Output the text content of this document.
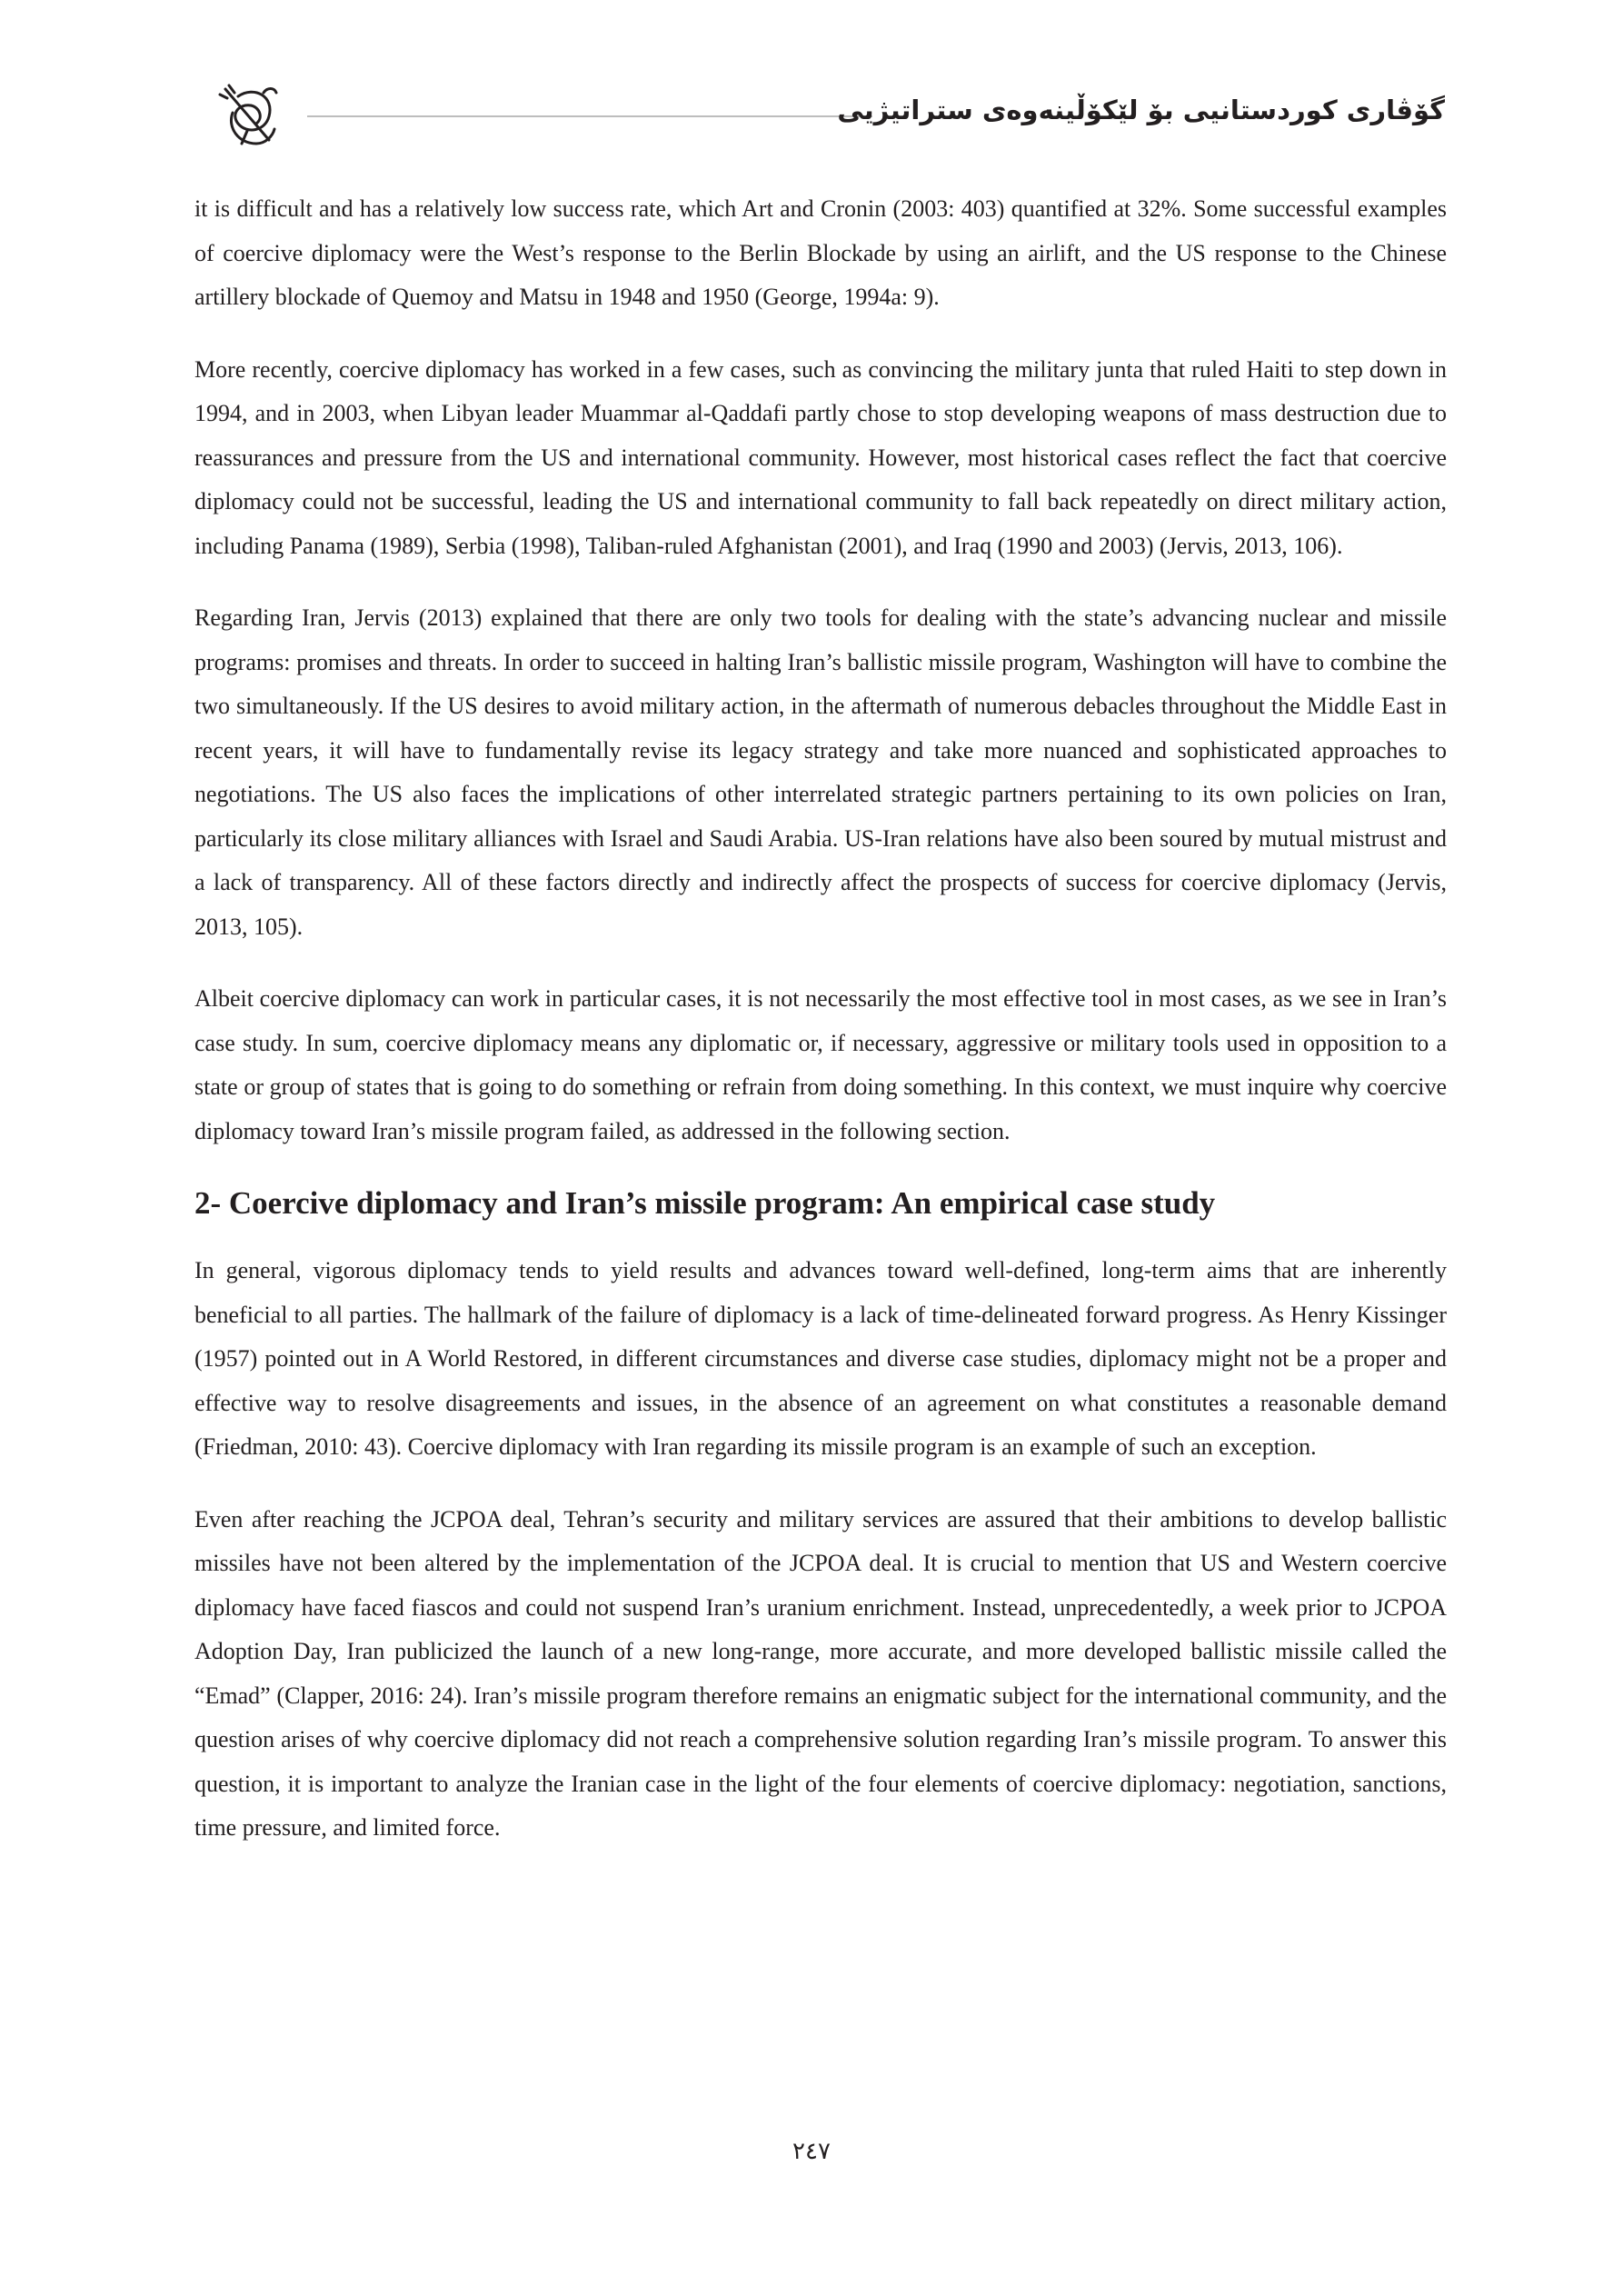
گۆڤاری کوردستانیی بۆ لێکۆڵینەوەی ستراتیژیی

it is difficult and has a relatively low success rate, which Art and Cronin (2003: 403) quantified at 32%. Some successful examples of coercive diplomacy were the West’s response to the Berlin Blockade by using an airlift, and the US response to the Chinese artillery blockade of Quemoy and Matsu in 1948 and 1950 (George, 1994a: 9).

More recently, coercive diplomacy has worked in a few cases, such as convincing the military junta that ruled Haiti to step down in 1994, and in 2003, when Libyan leader Muammar al-Qaddafi partly chose to stop developing weapons of mass destruction due to reassurances and pressure from the US and international community. However, most historical cases reflect the fact that coercive diplomacy could not be successful, leading the US and international community to fall back repeatedly on direct military action, including Panama (1989), Serbia (1998), Taliban-ruled Afghanistan (2001), and Iraq (1990 and 2003) (Jervis, 2013, 106).

Regarding Iran, Jervis (2013) explained that there are only two tools for dealing with the state’s advancing nuclear and missile programs: promises and threats. In order to succeed in halting Iran’s ballistic missile program, Washington will have to combine the two simultaneously. If the US desires to avoid military action, in the aftermath of numerous debacles throughout the Middle East in recent years, it will have to fundamentally revise its legacy strategy and take more nuanced and sophisticated approaches to negotiations. The US also faces the implications of other interrelated strategic partners pertaining to its own policies on Iran, particularly its close military alliances with Israel and Saudi Arabia. US-Iran relations have also been soured by mutual mistrust and a lack of transparency. All of these factors directly and indirectly affect the prospects of success for coercive diplomacy (Jervis, 2013, 105).

Albeit coercive diplomacy can work in particular cases, it is not necessarily the most effective tool in most cases, as we see in Iran’s case study. In sum, coercive diplomacy means any diplomatic or, if necessary, aggressive or military tools used in opposition to a state or group of states that is going to do something or refrain from doing something. In this context, we must inquire why coercive diplomacy toward Iran’s missile program failed, as addressed in the following section.

2- Coercive diplomacy and Iran’s missile program: An empirical case study

In general, vigorous diplomacy tends to yield results and advances toward well-defined, long-term aims that are inherently beneficial to all parties. The hallmark of the failure of diplomacy is a lack of time-delineated forward progress. As Henry Kissinger (1957) pointed out in A World Restored, in different circumstances and diverse case studies, diplomacy might not be a proper and effective way to resolve disagreements and issues, in the absence of an agreement on what constitutes a reasonable demand (Friedman, 2010: 43). Coercive diplomacy with Iran regarding its missile program is an example of such an exception.

Even after reaching the JCPOA deal, Tehran’s security and military services are assured that their ambitions to develop ballistic missiles have not been altered by the implementation of the JCPOA deal. It is crucial to mention that US and Western coercive diplomacy have faced fiascos and could not suspend Iran’s uranium enrichment. Instead, unprecedentedly, a week prior to JCPOA Adoption Day, Iran publicized the launch of a new long-range, more accurate, and more developed ballistic missile called the “Emad” (Clapper, 2016: 24). Iran’s missile program therefore remains an enigmatic subject for the international community, and the question arises of why coercive diplomacy did not reach a comprehensive solution regarding Iran’s missile program. To answer this question, it is important to analyze the Iranian case in the light of the four elements of coercive diplomacy: negotiation, sanctions, time pressure, and limited force.

٢٤٧
